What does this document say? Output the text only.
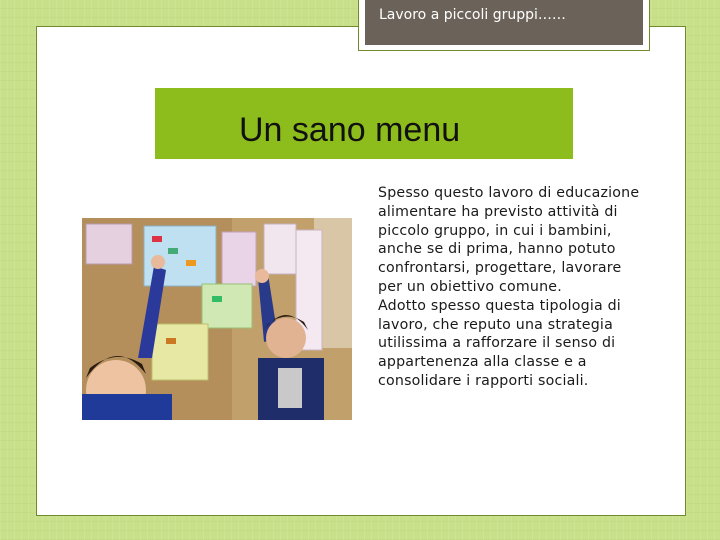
Lavoro a piccoli gruppi……
Un sano menu

Spesso questo lavoro di educazione alimentare ha previsto attività di piccolo gruppo, in cui i bambini, anche se di prima, hanno potuto confrontarsi, progettare, lavorare per un obiettivo comune.

Adotto spesso questa tipologia di lavoro, che reputo una strategia utilissima a rafforzare il senso di appartenenza alla classe e a consolidare i rapporti sociali.
